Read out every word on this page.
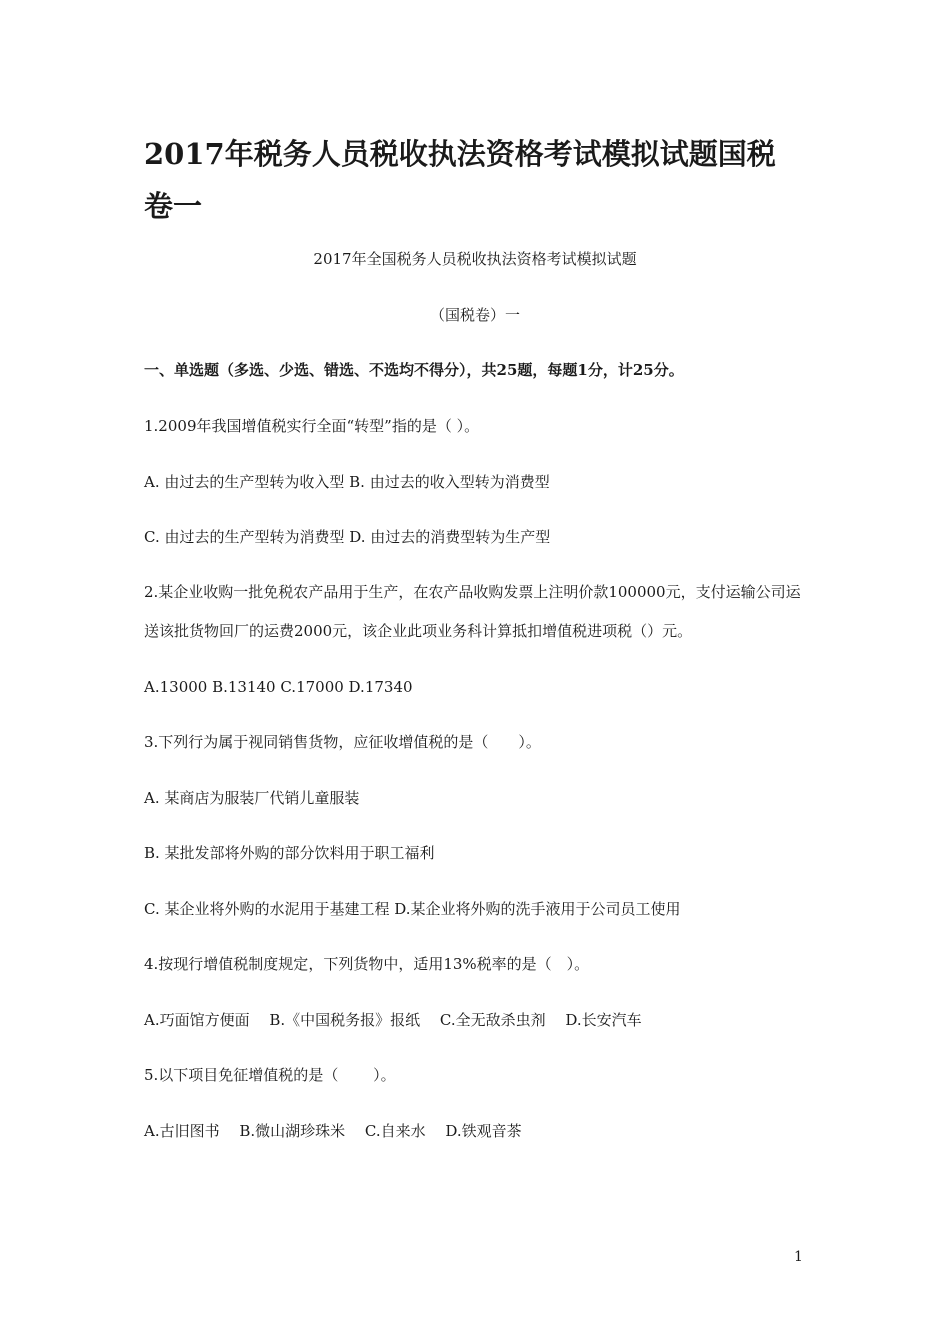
2017年税务人员税收执法资格考试模拟试题国税卷一
2017年全国税务人员税收执法资格考试模拟试题
（国税卷）一
一、单选题（多选、少选、错选、不选均不得分），共25题，每题1分，计25分。
1.2009年我国增值税实行全面“转型”指的是（ ）。
A. 由过去的生产型转为收入型 B. 由过去的收入型转为消费型
C. 由过去的生产型转为消费型 D. 由过去的消费型转为生产型
2.某企业收购一批免税农产品用于生产，在农产品收购发票上注明价款100000元，支付运输公司运送该批货物回厂的运费2000元，该企业此项业务科计算抵扣增值税进项税（）元。
A.13000 B.13140 C.17000 D.17340
3.下列行为属于视同销售货物，应征收增值税的是（　　）。
A. 某商店为服装厂代销儿童服装
B. 某批发部将外购的部分饮料用于职工福利
C. 某企业将外购的水泥用于基建工程 D.某企业将外购的洗手液用于公司员工使用
4.按现行增值税制度规定，下列货物中，适用13%税率的是（　）。
A.巧面馆方便面　 B.《中国税务报》报纸　 C.全无敌杀虫剂　 D.长安汽车
5.以下项目免征增值税的是（　　 ）。
A.古旧图书　 B.微山湖珍珠米　 C.自来水　 D.铁观音茶
1
